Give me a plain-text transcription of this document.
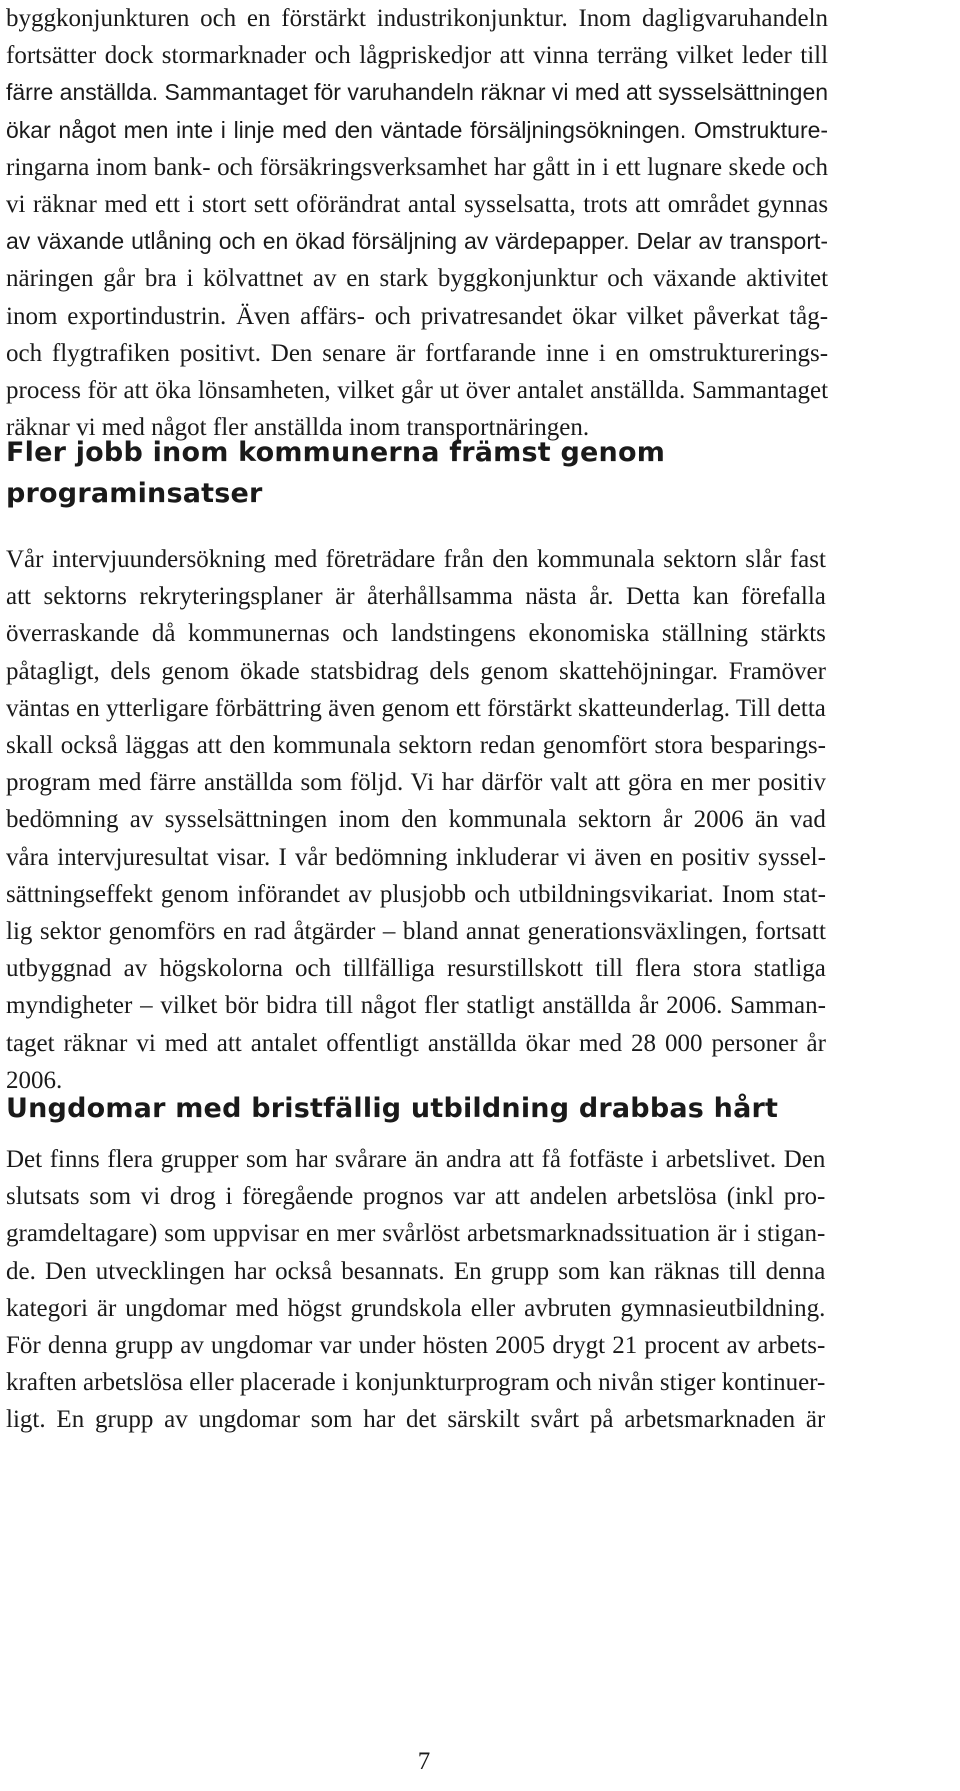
byggkonjunkturen och en förstärkt industrikonjunktur. Inom dagligvaruhandeln
fortsätter dock stormarknader och lågpriskedjor att vinna terräng vilket leder till
färre anställda. Sammantaget för varuhandeln räknar vi med att sysselsättningen
ökar något men inte i linje med den väntade försäljningsökningen. Omstrukture-
ringarna inom bank- och försäkringsverksamhet har gått in i ett lugnare skede och
vi räknar med ett i stort sett oförändrat antal sysselsatta, trots att området gynnas
av växande utlåning och en ökad försäljning av värdepapper. Delar av transport-
näringen går bra i kölvattnet av en stark byggkonjunktur och växande aktivitet
inom exportindustrin. Även affärs- och privatresandet ökar vilket påverkat tåg-
och flygtrafiken positivt. Den senare är fortfarande inne i en omstrukturerings-
process för att öka lönsamheten, vilket går ut över antalet anställda. Sammantaget
räknar vi med något fler anställda inom transportnäringen.
Fler jobb inom kommunerna främst genom
programinsatser
Vår intervjuundersökning med företrädare från den kommunala sektorn slår fast
att sektorns rekryteringsplaner är återhållsamma nästa år. Detta kan förefalla
överraskande då kommunernas och landstingens ekonomiska ställning stärkts
påtagligt, dels genom ökade statsbidrag dels genom skattehöjningar. Framöver
väntas en ytterligare förbättring även genom ett förstärkt skatteunderlag. Till detta
skall också läggas att den kommunala sektorn redan genomfört stora besparings-
program med färre anställda som följd. Vi har därför valt att göra en mer positiv
bedömning av sysselsättningen inom den kommunala sektorn år 2006 än vad
våra intervjuresultat visar. I vår bedömning inkluderar vi även en positiv syssel-
sättningseffekt genom införandet av plusjobb och utbildningsvikariat. Inom stat-
lig sektor genomförs en rad åtgärder – bland annat generationsväxlingen, fortsatt
utbyggnad av högskolorna och tillfälliga resurstillskott till flera stora statliga
myndigheter – vilket bör bidra till något fler statligt anställda år 2006. Samman-
taget räknar vi med att antalet offentligt anställda ökar med 28 000 personer år
2006.
Ungdomar med bristfällig utbildning drabbas hårt
Det finns flera grupper som har svårare än andra att få fotfäste i arbetslivet. Den
slutsats som vi drog i föregående prognos var att andelen arbetslösa (inkl pro-
gramdeltagare) som uppvisar en mer svårlöst arbetsmarknadssituation är i stigan-
de. Den utvecklingen har också besannats. En grupp som kan räknas till denna
kategori är ungdomar med högst grundskola eller avbruten gymnasieutbildning.
För denna grupp av ungdomar var under hösten 2005 drygt 21 procent av arbets-
kraften arbetslösa eller placerade i konjunkturprogram och nivån stiger kontinuer-
ligt. En grupp av ungdomar som har det särskilt svårt på arbetsmarknaden är
7
